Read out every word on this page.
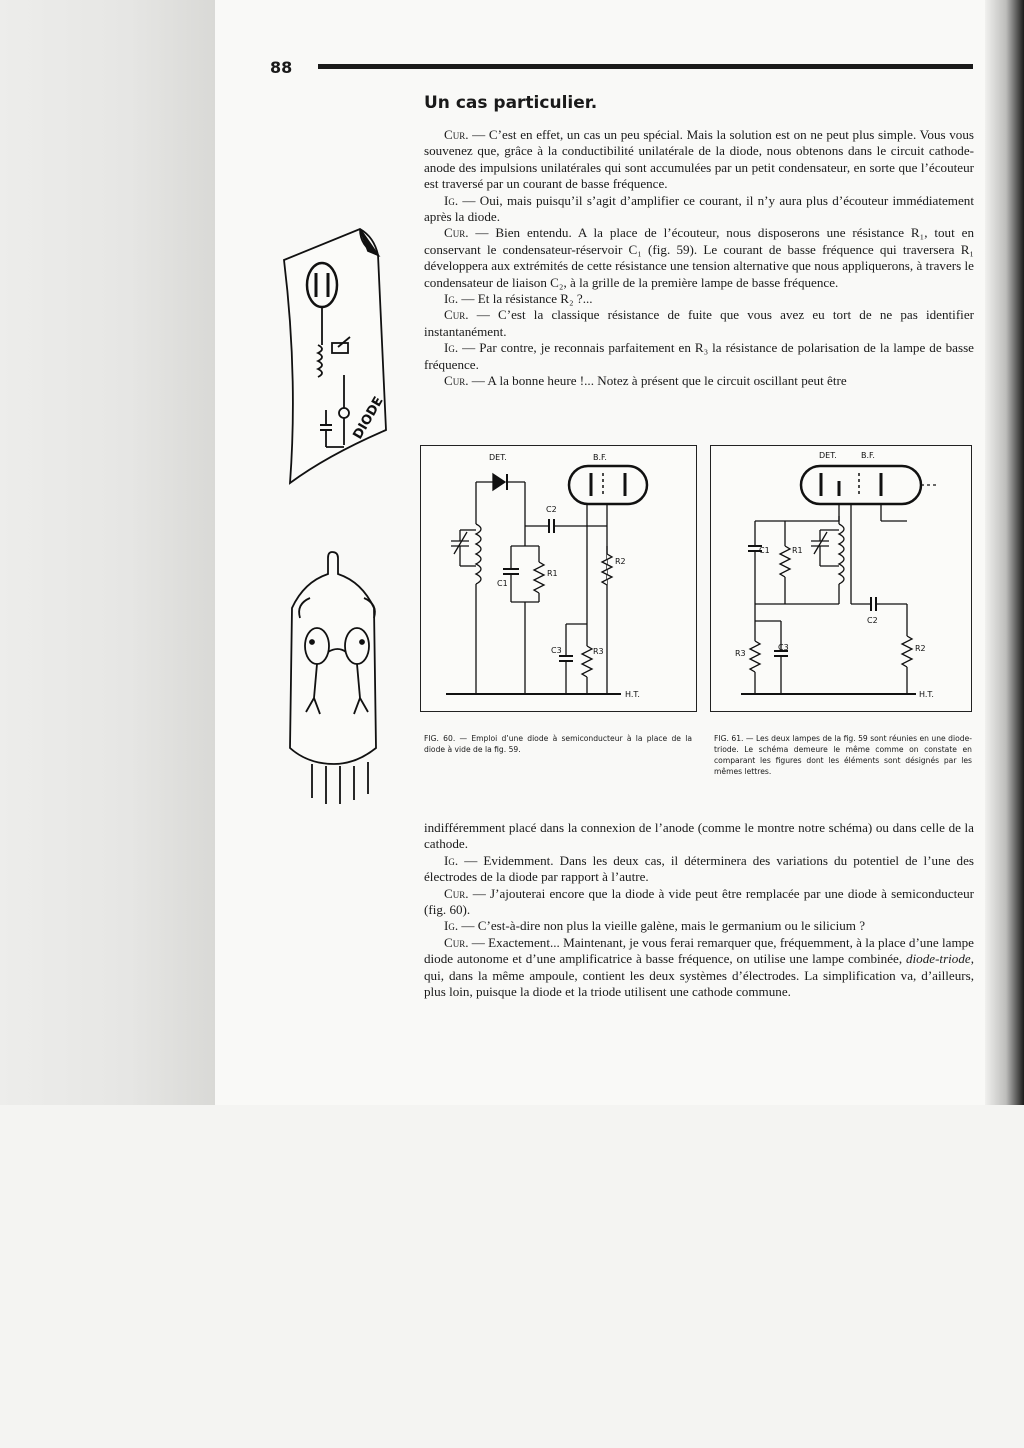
88
Un cas particulier.

Cur. — C’est en effet, un cas un peu spécial. Mais la solution est on ne peut plus simple. Vous vous souvenez que, grâce à la conductibilité unilatérale de la diode, nous obtenons dans le circuit cathode-anode des impulsions unilatérales qui sont accumulées par un petit condensateur, en sorte que l’écouteur est traversé par un courant de basse fréquence.

Ig. — Oui, mais puisqu’il s’agit d’amplifier ce courant, il n’y aura plus d’écouteur immédiatement après la diode.

Cur. — Bien entendu. A la place de l’écouteur, nous disposerons une résistance R₁, tout en conservant le condensateur-réservoir C₁ (fig. 59). Le courant de basse fréquence qui traversera R₁ développera aux extrémités de cette résistance une tension alternative que nous appliquerons, à travers le condensateur de liaison C₂, à la grille de la première lampe de basse fréquence.

Ig. — Et la résistance R₂ ?...

Cur. — C’est la classique résistance de fuite que vous avez eu tort de ne pas identifier instantanément.

Ig. — Par contre, je reconnais parfaitement en R₃ la résistance de polarisation de la lampe de basse fréquence.

Cur. — A la bonne heure !... Notez à présent que le circuit oscillant peut être

DET.	B.F.
C2
C1
R1
R2
C3	R3
H.T.
FIG. 60. — Emploi d’une diode à semiconducteur à la place de la diode à vide de la fig. 59.
DET.	B.F.
C2
C1	R1
R2
C3
R3
H.T.
FIG. 61. — Les deux lampes de la fig. 59 sont réunies en une diode-triode. Le schéma demeure le même comme on constate en comparant les figures dont les éléments sont désignés par les mêmes lettres.

indifféremment placé dans la connexion de l’anode (comme le montre notre schéma) ou dans celle de la cathode.

Ig. — Evidemment. Dans les deux cas, il déterminera des variations du potentiel de l’une des électrodes de la diode par rapport à l’autre.

Cur. — J’ajouterai encore que la diode à vide peut être remplacée par une diode à semiconducteur (fig. 60).

Ig. — C’est-à-dire non plus la vieille galène, mais le germanium ou le silicium ?

Cur. — Exactement... Maintenant, je vous ferai remarquer que, fréquemment, à la place d’une lampe diode autonome et d’une amplificatrice à basse fréquence, on utilise une lampe combinée, diode-triode, qui, dans la même ampoule, contient les deux systèmes d’électrodes. La simplification va, d’ailleurs, plus loin, puisque la diode et la triode utilisent une cathode commune.

DIODE
